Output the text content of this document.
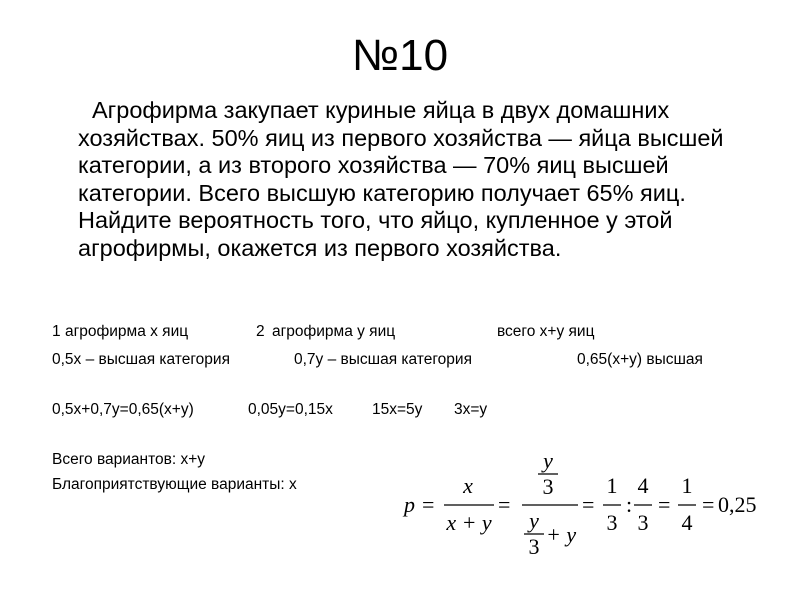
№10
Агрофирма закупает куриные яйца в двух домашних хозяйствах. 50% яиц из первого хозяйства — яйца высшей категории, а из второго хозяйства — 70% яиц высшей категории. Всего высшую категорию получает 65% яиц. Найдите вероятность того, что яйцо, купленное у этой агрофирмы, окажется из первого хозяйства.
1 агрофирма x яиц	2 агрофирма y яиц	всего x+y яиц
0,5x – высшая категория	0,7y – высшая категория	0,65(x+y) высшая
0,5x+0,7y=0,65(x+y)	0,05y=0,15x	15x=5y 3x=y
Всего вариантов: x+y
Благоприятствующие варианты: x
p =
x
x + y
=
y
3
y
3 + y
=
1
3
:
4
3
=
1
4
= 0,25
